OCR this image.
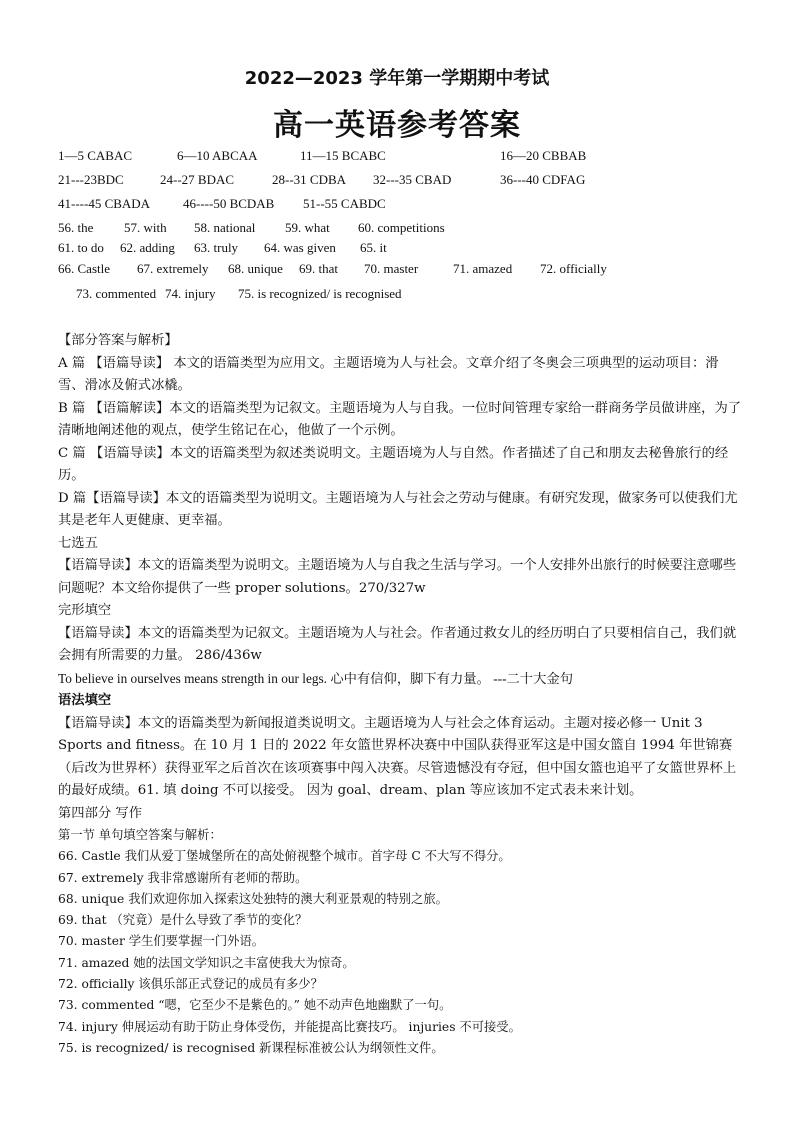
2022—2023 学年第一学期期中考试
高一英语参考答案
1—5 CABAC	6—10 ABCAA	11—15 BCABC	16—20 CBBAB
21---23BDC	24--27 BDAC	28--31 CDBA 32---35 CBAD	36---40 CDFAG
41----45 CBADA	46----50 BCDAB 51--55 CABDC
56. the 57. with 58. national 59. what 60. competitions
61. to do 62. adding 63. truly 64. was given 65. it
66. Castle 67. extremely 68. unique 69. that 70. master	71. amazed 72. officially
73. commented 74. injury 75. is recognized/ is recognised

【部分答案与解析】

A 篇 【语篇导读】 本文的语篇类型为应用文。主题语境为人与社会。文章介绍了冬奥会三项典型的运动项目：滑雪、滑冰及俯式冰橇。

B 篇 【语篇解读】本文的语篇类型为记叙文。主题语境为人与自我。一位时间管理专家给一群商务学员做讲座，为了清晰地阐述他的观点，使学生铭记在心，他做了一个示例。

C 篇 【语篇导读】本文的语篇类型为叙述类说明文。主题语境为人与自然。作者描述了自己和朋友去秘鲁旅行的经历。

D 篇【语篇导读】本文的语篇类型为说明文。主题语境为人与社会之劳动与健康。有研究发现，做家务可以使我们尤其是老年人更健康、更幸福。

七选五

【语篇导读】本文的语篇类型为说明文。主题语境为人与自我之生活与学习。一个人安排外出旅行的时候要注意哪些问题呢？本文给你提供了一些 proper solutions。270/327w

完形填空

【语篇导读】本文的语篇类型为记叙文。主题语境为人与社会。作者通过救女儿的经历明白了只要相信自己，我们就会拥有所需要的力量。 286/436w

To believe in ourselves means strength in our legs. 心中有信仰，脚下有力量。 ---二十大金句

语法填空

【语篇导读】本文的语篇类型为新闻报道类说明文。主题语境为人与社会之体育运动。主题对接必修一 Unit 3 Sports and fitness。在 10 月 1 日的 2022 年女篮世界杯决赛中中国队获得亚军这是中国女篮自 1994 年世锦赛（后改为世界杯）获得亚军之后首次在该项赛事中闯入决赛。尽管遗憾没有夺冠，但中国女篮也追平了女篮世界杯上的最好成绩。61. 填 doing 不可以接受。 因为 goal、dream、plan 等应该加不定式表未来计划。

第四部分 写作

第一节 单句填空答案与解析：

66. Castle 我们从爱丁堡城堡所在的高处俯视整个城市。首字母 C 不大写不得分。

67. extremely 我非常感谢所有老师的帮助。

68. unique 我们欢迎你加入探索这处独特的澳大利亚景观的特别之旅。

69. that （究竟）是什么导致了季节的变化？

70. master 学生们要掌握一门外语。

71. amazed 她的法国文学知识之丰富使我大为惊奇。

72. officially 该俱乐部正式登记的成员有多少？

73. commented “嗯，它至少不是紫色的。” 她不动声色地幽默了一句。

74. injury 伸展运动有助于防止身体受伤，并能提高比赛技巧。 injuries 不可接受。

75. is recognized/ is recognised 新课程标准被公认为纲领性文件。
